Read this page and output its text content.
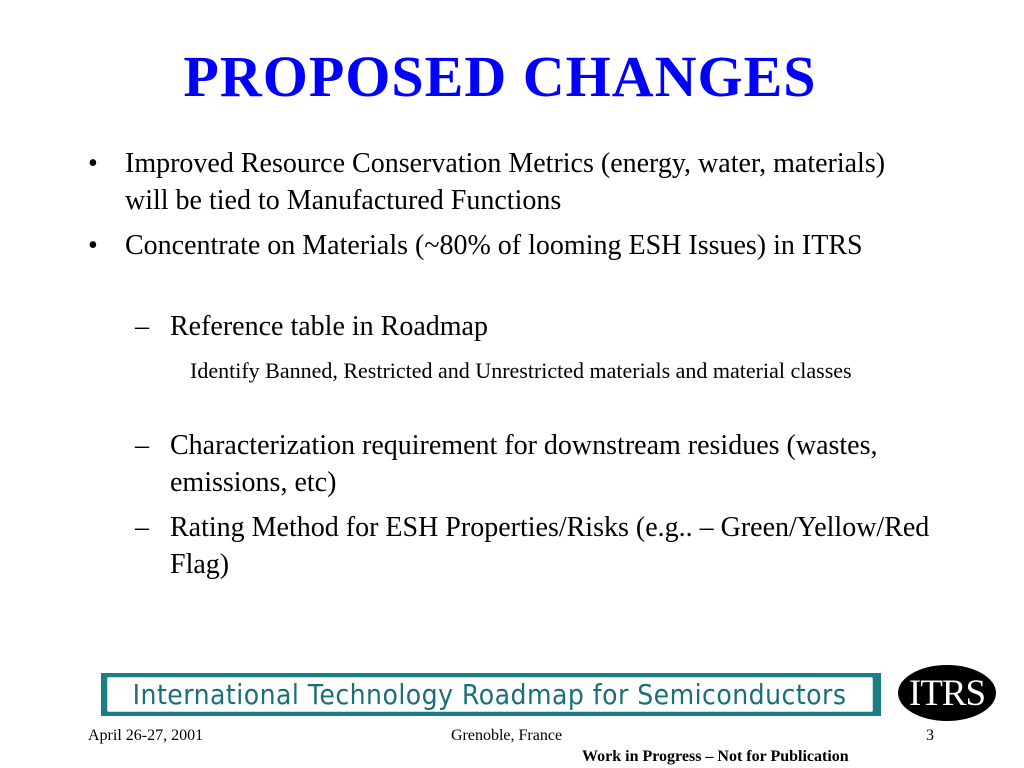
PROPOSED CHANGES
• Improved Resource Conservation Metrics (energy, water, materials) will be tied to Manufactured Functions
• Concentrate on Materials (~80% of looming ESH Issues) in ITRS
– Reference table in Roadmap
Identify Banned, Restricted and Unrestricted materials and material classes
– Characterization requirement for downstream residues (wastes, emissions, etc)
– Rating Method for ESH Properties/Risks (e.g.. – Green/Yellow/Red Flag)
International Technology Roadmap for Semiconductors ITRS
April 26-27, 2001	Grenoble, France	3
Work in Progress – Not for Publication
